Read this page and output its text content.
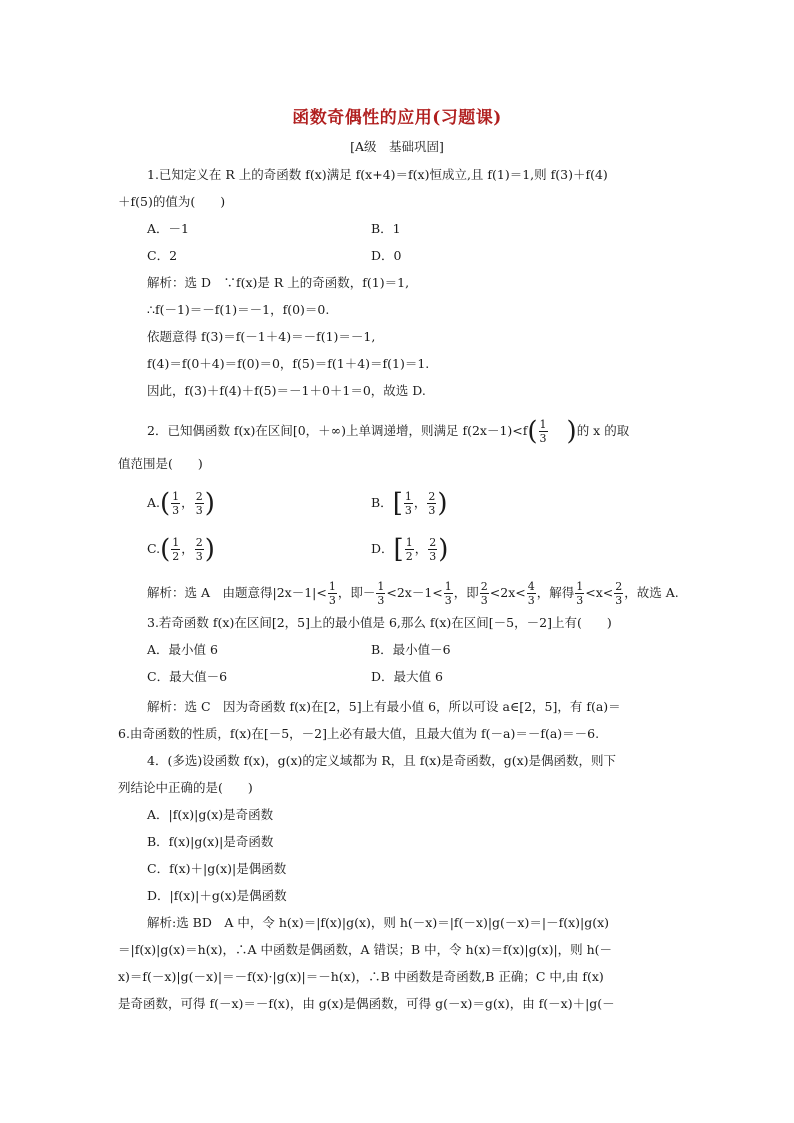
函数奇偶性的应用(习题课)
[A级　基础巩固]
1.已知定义在 R 上的奇函数 f(x)满足 f(x+4)＝f(x)恒成立,且 f(1)＝1,则 f(3)＋f(4)
＋f(5)的值为(　　)
A．－1	B．1
C．2	D．0
解析：选 D　∵f(x)是 R 上的奇函数，f(1)＝1,
∴f(－1)＝－f(1)＝－1，f(0)＝0.
依题意得 f(3)＝f(－1＋4)＝－f(1)＝－1,
f(4)＝f(0＋4)＝f(0)＝0，f(5)＝f(1＋4)＝f(1)＝1.
因此，f(3)＋f(4)＋f(5)＝－1＋0＋1＝0，故选 D.
2．已知偶函数 f(x)在区间[0，＋∞)上单调递增，则满足 $f(2x-1)<f( \frac{1}{3}$ )的 x 的取
值范围是(　　)
$A.( \frac{1}{3}$ ， $\frac{2}{3}$ )	B．[ $\frac{1}{3}$ ， $\frac{2}{3}$ )
$C.( \frac{1}{2}$ ， $\frac{2}{3}$ )	D．[ $\frac{1}{2}$ ， $\frac{2}{3}$ )
解析：选 A　由题意得$|2x-1|< \frac{1}{3}$ ，即－ $\frac{1}{3} <2x-1< \frac{1}{3}$ ，即 $\frac{2}{3} <2x< \frac{4}{3}$ ，解得 $\frac{1}{3} <x< \frac{2}{3}$ ，故选 A.
3.若奇函数 f(x)在区间[2，5]上的最小值是 6,那么 f(x)在区间[－5，－2]上有(　　)
A．最小值 6	B．最小值－6
C．最大值－6	D．最大值 6
解析：选 C　因为奇函数 f(x)在[2，5]上有最小值 6，所以可设 a∈[2，5]，有 f(a)＝
6.由奇函数的性质，f(x)在[－5，－2]上必有最大值，且最大值为 f(－a)＝－f(a)＝－6.
4．(多选)设函数 f(x)，g(x)的定义域都为 R，且 f(x)是奇函数，g(x)是偶函数，则下
列结论中正确的是(　　)
A．|f(x)|g(x)是奇函数
B．f(x)|g(x)|是奇函数
C．f(x)＋|g(x)|是偶函数
D．|f(x)|＋g(x)是偶函数
解析:选 BD　A 中，令 h(x)＝|f(x)|g(x)，则 h(－x)＝|f(－x)|g(－x)＝|－f(x)|g(x)
＝|f(x)|g(x)＝h(x)，∴A 中函数是偶函数，A 错误；B 中，令 h(x)＝f(x)|g(x)|，则 h(－
x)＝f(－x)|g(－x)|＝－f(x)·|g(x)|＝－h(x)，∴B 中函数是奇函数,B 正确；C 中,由 f(x)
是奇函数，可得 f(－x)＝－f(x)，由 g(x)是偶函数，可得 g(－x)＝g(x)，由 f(－x)＋|g(－
